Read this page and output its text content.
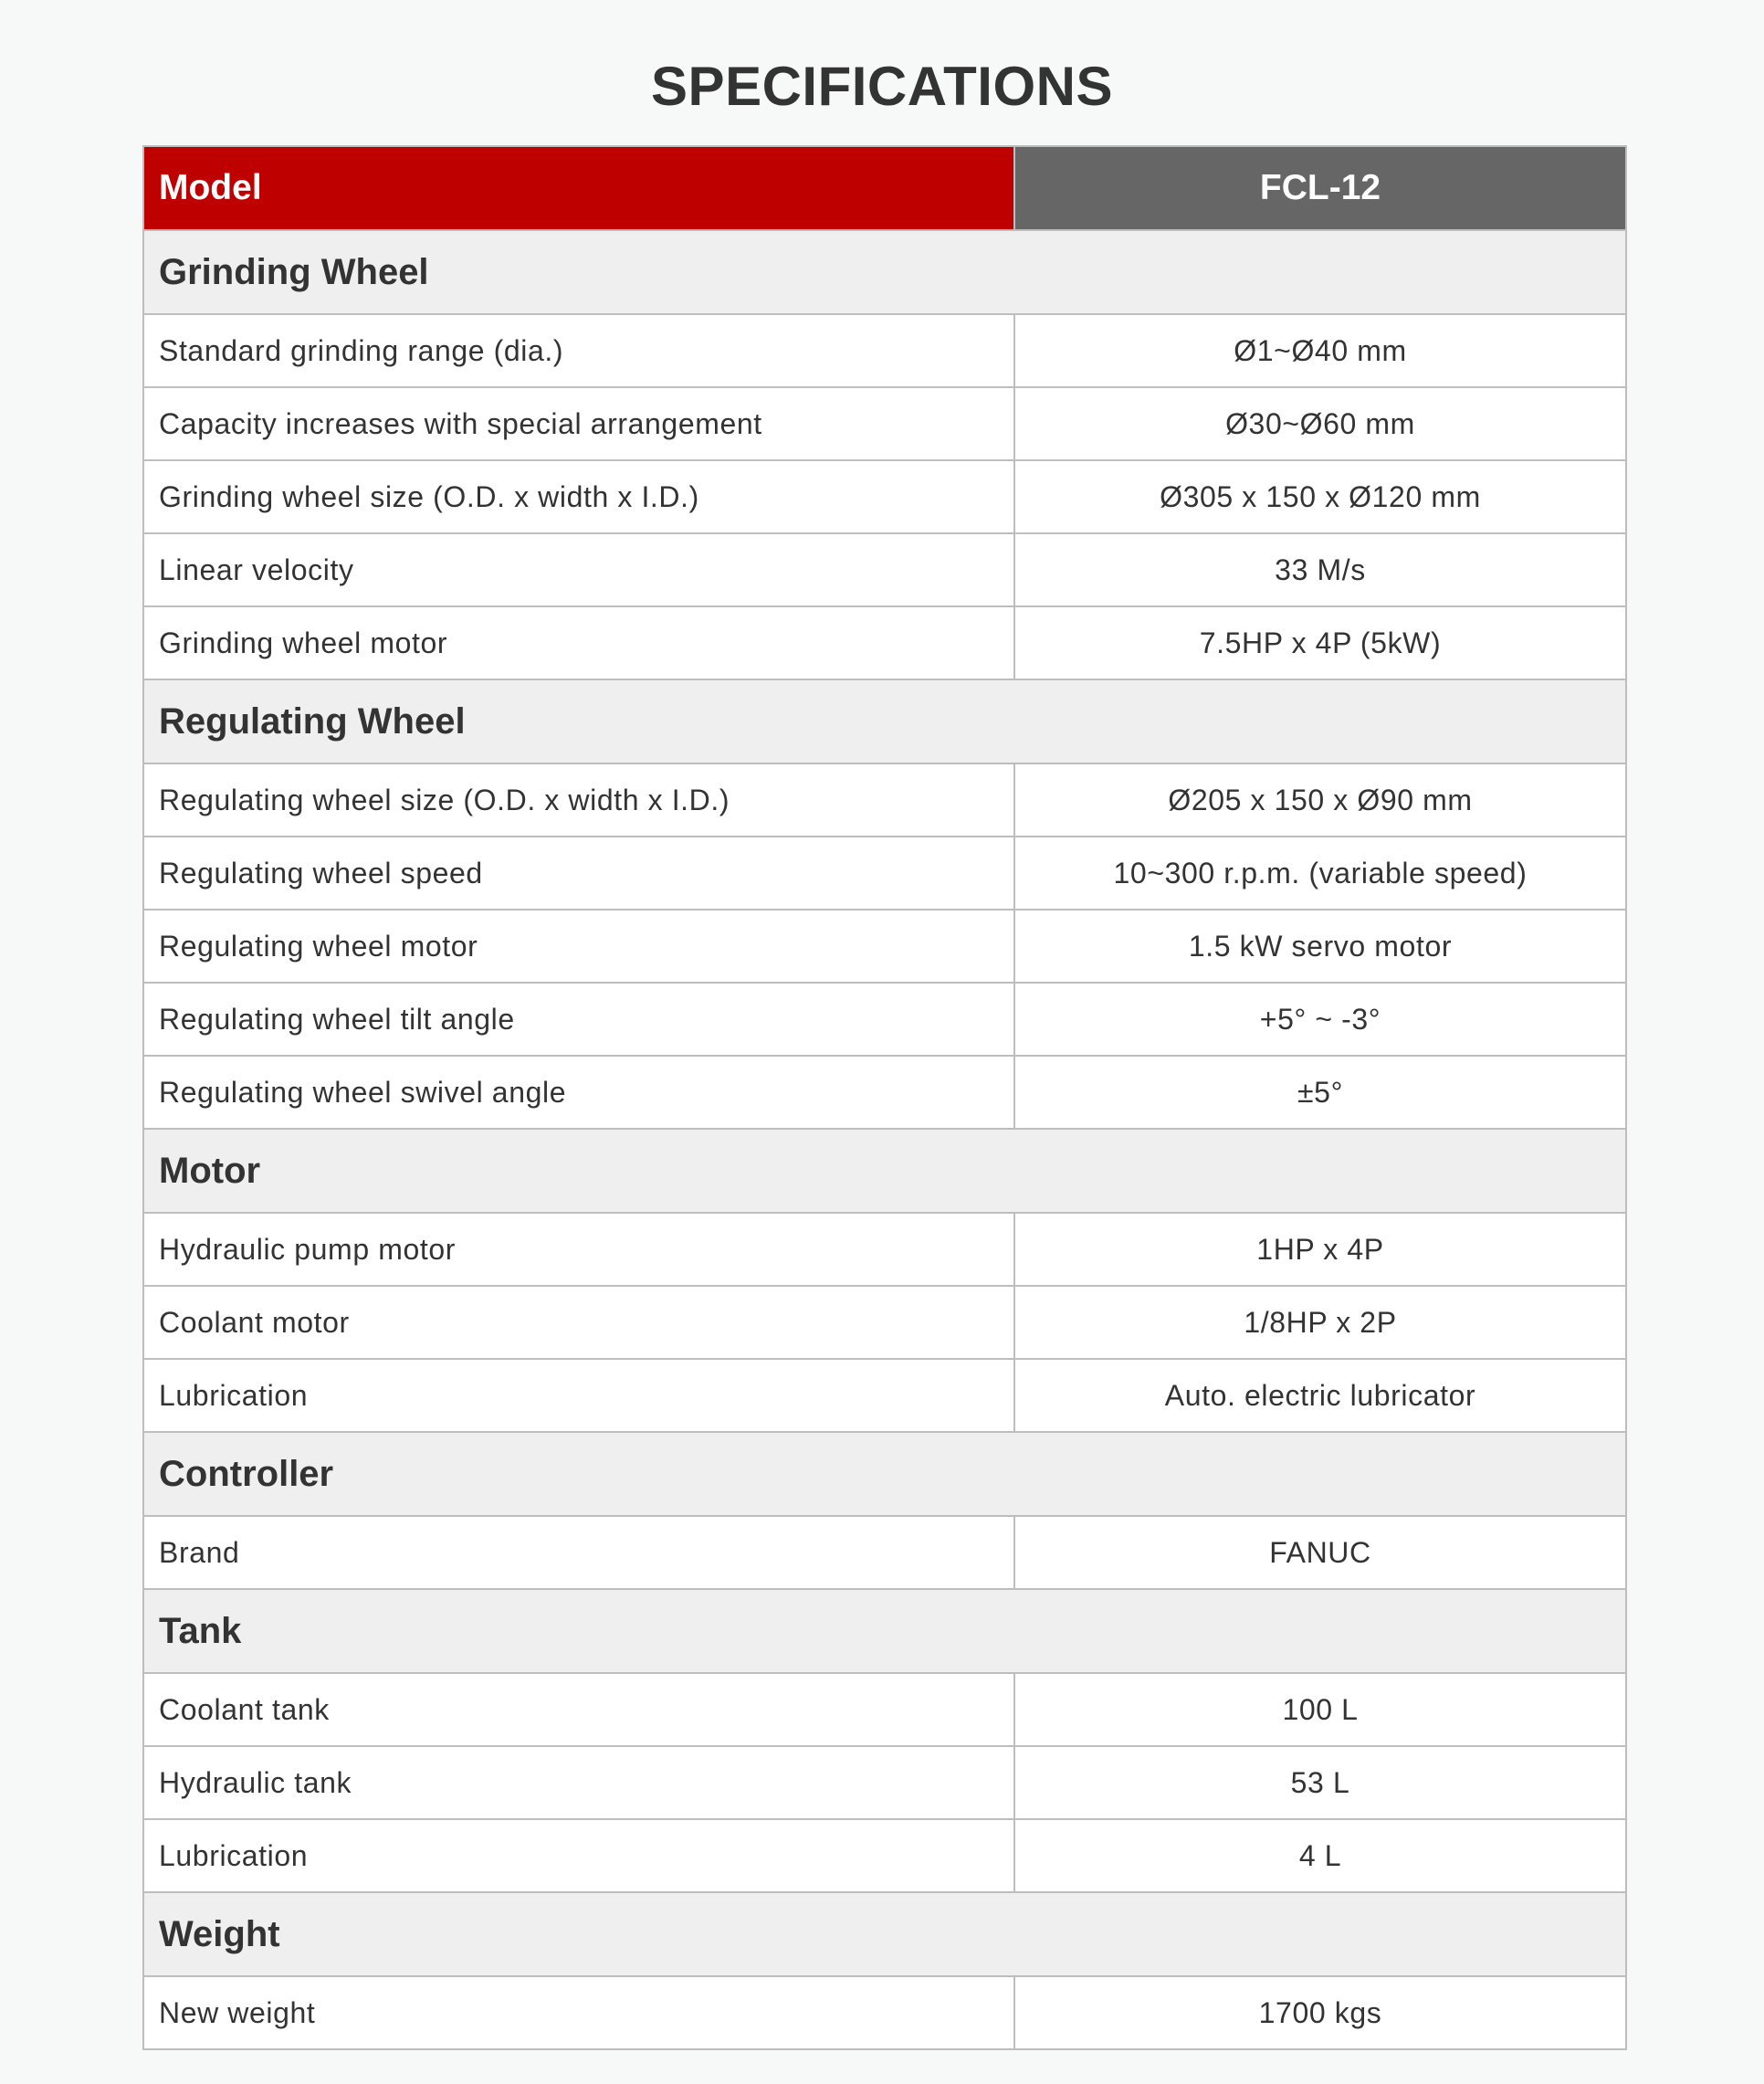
SPECIFICATIONS
Model	FCL-12
Grinding Wheel	
Standard grinding range (dia.)	Ø1~Ø40 mm
Capacity increases with special arrangement	Ø30~Ø60 mm
Grinding wheel size (O.D. x width x I.D.)	Ø305 x 150 x Ø120 mm
Linear velocity	33 M/s
Grinding wheel motor	7.5HP x 4P (5kW)
Regulating Wheel	
Regulating wheel size (O.D. x width x I.D.)	Ø205 x 150 x Ø90 mm
Regulating wheel speed	10~300 r.p.m. (variable speed)
Regulating wheel motor	1.5 kW servo motor
Regulating wheel tilt angle	+5° ~ -3°
Regulating wheel swivel angle	±5°
Motor	
Hydraulic pump motor	1HP x 4P
Coolant motor	1/8HP x 2P
Lubrication	Auto. electric lubricator
Controller	
Brand	FANUC
Tank	
Coolant tank	100 L
Hydraulic tank	53 L
Lubrication	4 L
Weight	
New weight	1700 kgs
